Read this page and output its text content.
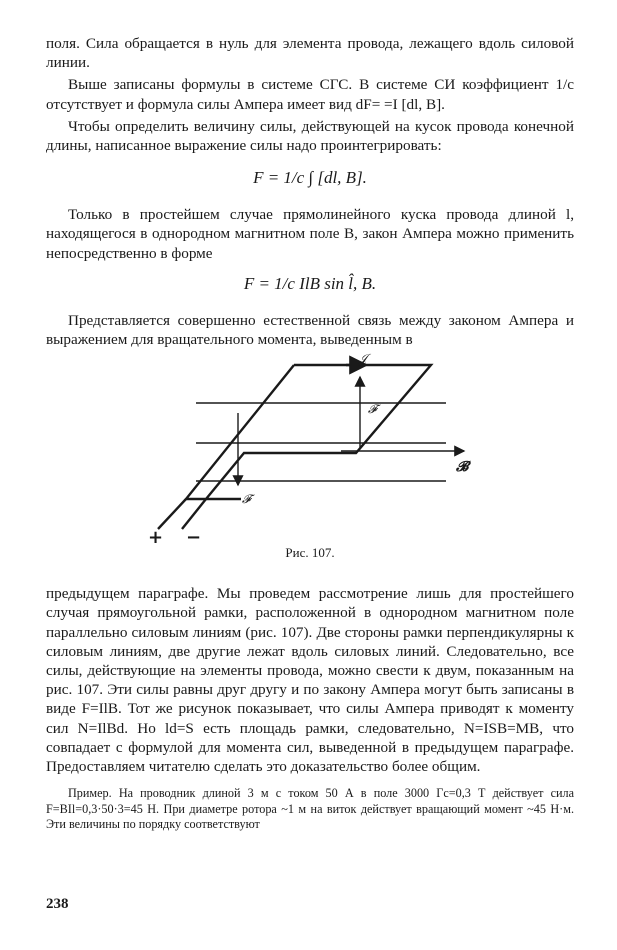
поля. Сила обращается в нуль для элемента провода, лежащего вдоль силовой линии.

Выше записаны формулы в системе СГС. В системе СИ коэффициент 1/c отсутствует и формула силы Ампера имеет вид dF= =I [dl, B].

Чтобы определить величину силы, действующей на кусок провода конечной длины, написанное выражение силы надо проинтегрировать:

F = 1/c ∫ [dl, B].

Только в простейшем случае прямолинейного куска провода длиной l, находящегося в однородном магнитном поле B, закон Ампера можно применить непосредственно в форме

F = 1/c IlB sin l̂, B.

Представляется совершенно естественной связь между законом Ампера и выражением для вращательного момента, выведенным в

𝒥
𝓕
𝓕
𝓑
+ −
Рис. 107.

предыдущем параграфе. Мы проведем рассмотрение лишь для простейшего случая прямоугольной рамки, расположенной в однородном магнитном поле параллельно силовым линиям (рис. 107). Две стороны рамки перпендикулярны к силовым линиям, две другие лежат вдоль силовых линий. Следовательно, все силы, действующие на элементы провода, можно свести к двум, показанным на рис. 107. Эти силы равны друг другу и по закону Ампера могут быть записаны в виде F=IlB. Тот же рисунок показывает, что силы Ампера приводят к моменту сил N=IlBd. Но ld=S есть площадь рамки, следовательно, N=ISB=MB, что совпадает с формулой для момента сил, выведенной в предыдущем параграфе. Предоставляем читателю сделать это доказательство более общим.

Пример. На проводник длиной 3 м с током 50 А в поле 3000 Гс=0,3 Т действует сила F=BIl=0,3·50·3=45 Н. При диаметре ротора ~1 м на виток действует вращающий момент ~45 Н·м. Эти величины по порядку соответствуют

238
